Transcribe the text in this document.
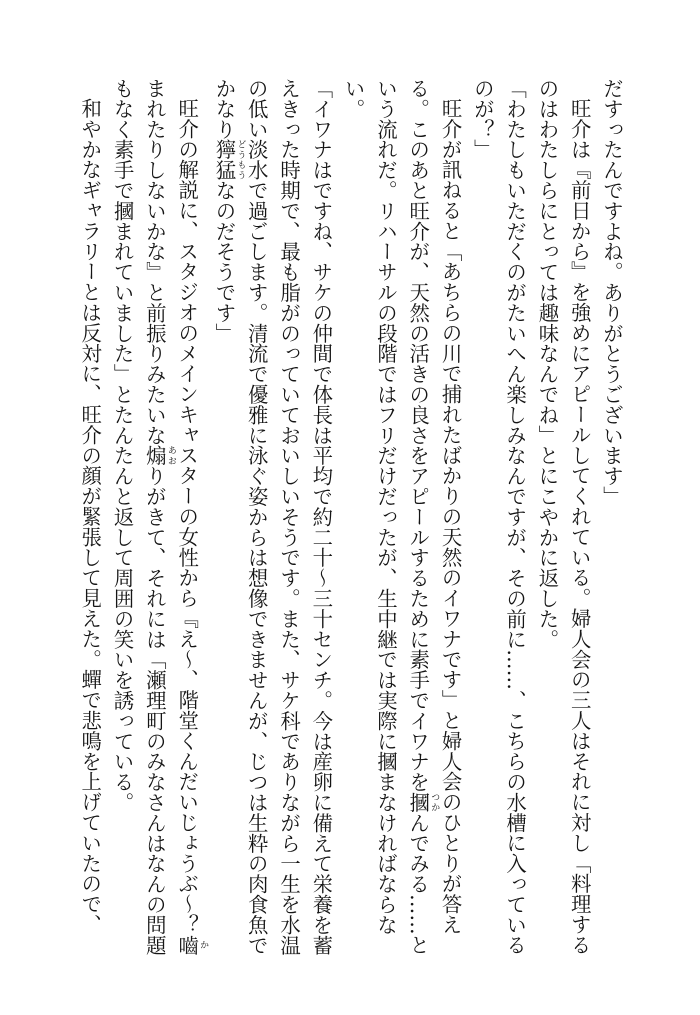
だすったんですよね。ありがとうございます」

旺介は『前日から』を強めにアピールしてくれている。婦人会の三人はそれに対し「料理するのはわたしらにとっては趣味なんでね」とにこやかに返した。

「わたしもいただくのがたいへん楽しみなんですが、その前に……、こちらの水槽に入っているのが？」

旺介が訊ねると「あちらの川で捕れたばかりの天然のイワナです」と婦人会のひとりが答える。このあと旺介が、天然の活きの良さをアピールするために素手でイワナを摑 つかんでみる……という流れだ。リハーサルの段階ではフリだけだったが、生中継では実際に摑まなければならない。

「イワナはですね、サケの仲間で体長は平均で約二十～三十センチ。今は産卵に備えて栄養を蓄えきった時期で、最も脂がのっていておいしいそうです。また、サケ科でありながら一生を水温の低い淡水で過ごします。清流で優雅に泳ぐ姿からは想像できませんが、じつは生粋の肉食魚でかなり獰猛 どうもうなのだそうです」

旺介の解説に、スタジオのメインキャスターの女性から『え～、階堂くんだいじょうぶ～？嚙 かまれたりしないかな』と前振りみたいな煽 あおりがきて、それには「瀬理町のみなさんはなんの問題もなく素手で摑まれていました」とたんたんと返して周囲の笑いを誘っている。

和やかなギャラリーとは反対に、旺介の顔が緊張して見えた。蟬で悲鳴を上げていたので、
